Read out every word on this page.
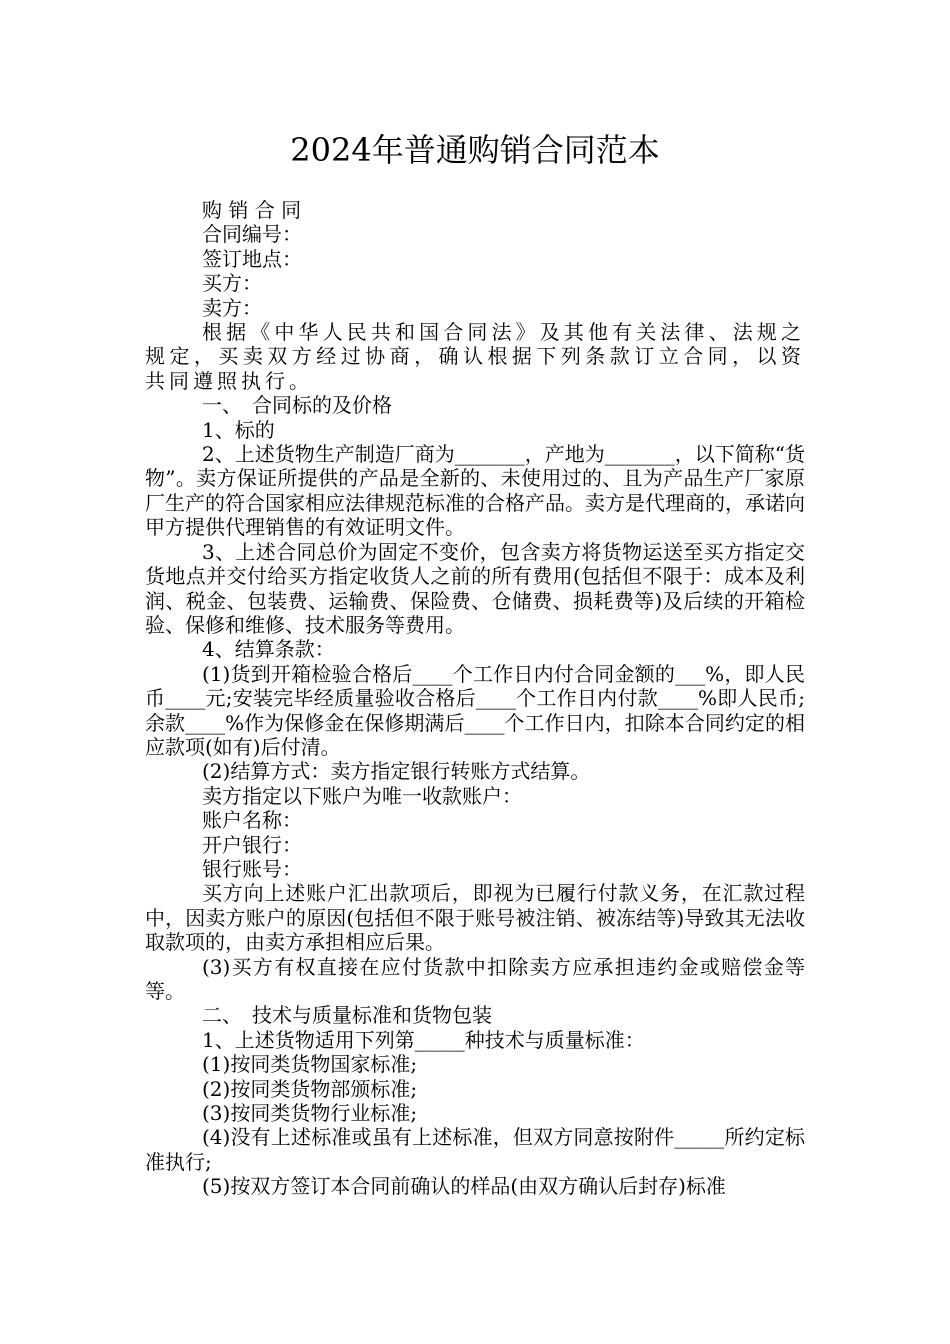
2024年普通购销合同范本

购 销 合 同

合同编号：

签订地点：

买方：

卖方：

根据《中华人民共和国合同法》及其他有关法律、法规之规定，买卖双方经过协商，确认根据下列条款订立合同，以资共同遵照执行。

一、　合同标的及价格

1、标的

2、上述货物生产制造厂商为_______，产地为_______，以下简称“货物”。卖方保证所提供的产品是全新的、未使用过的、且为产品生产厂家原厂生产的符合国家相应法律规范标准的合格产品。卖方是代理商的，承诺向甲方提供代理销售的有效证明文件。

3、上述合同总价为固定不变价，包含卖方将货物运送至买方指定交货地点并交付给买方指定收货人之前的所有费用(包括但不限于：成本及利润、税金、包装费、运输费、保险费、仓储费、损耗费等)及后续的开箱检验、保修和维修、技术服务等费用。

4、结算条款：

(1)货到开箱检验合格后____个工作日内付合同金额的___%，即人民币____元;安装完毕经质量验收合格后____个工作日内付款____%即人民币;余款____%作为保修金在保修期满后____个工作日内，扣除本合同约定的相应款项(如有)后付清。

(2)结算方式：卖方指定银行转账方式结算。

卖方指定以下账户为唯一收款账户：

账户名称：

开户银行：

银行账号：

买方向上述账户汇出款项后，即视为已履行付款义务，在汇款过程中，因卖方账户的原因(包括但不限于账号被注销、被冻结等)导致其无法收取款项的，由卖方承担相应后果。

(3)买方有权直接在应付货款中扣除卖方应承担违约金或赔偿金等等。

二、　技术与质量标准和货物包装

1、上述货物适用下列第_____种技术与质量标准：

(1)按同类货物国家标准;

(2)按同类货物部颁标准;

(3)按同类货物行业标准;

(4)没有上述标准或虽有上述标准，但双方同意按附件_____所约定标准执行;

(5)按双方签订本合同前确认的样品(由双方确认后封存)标准
